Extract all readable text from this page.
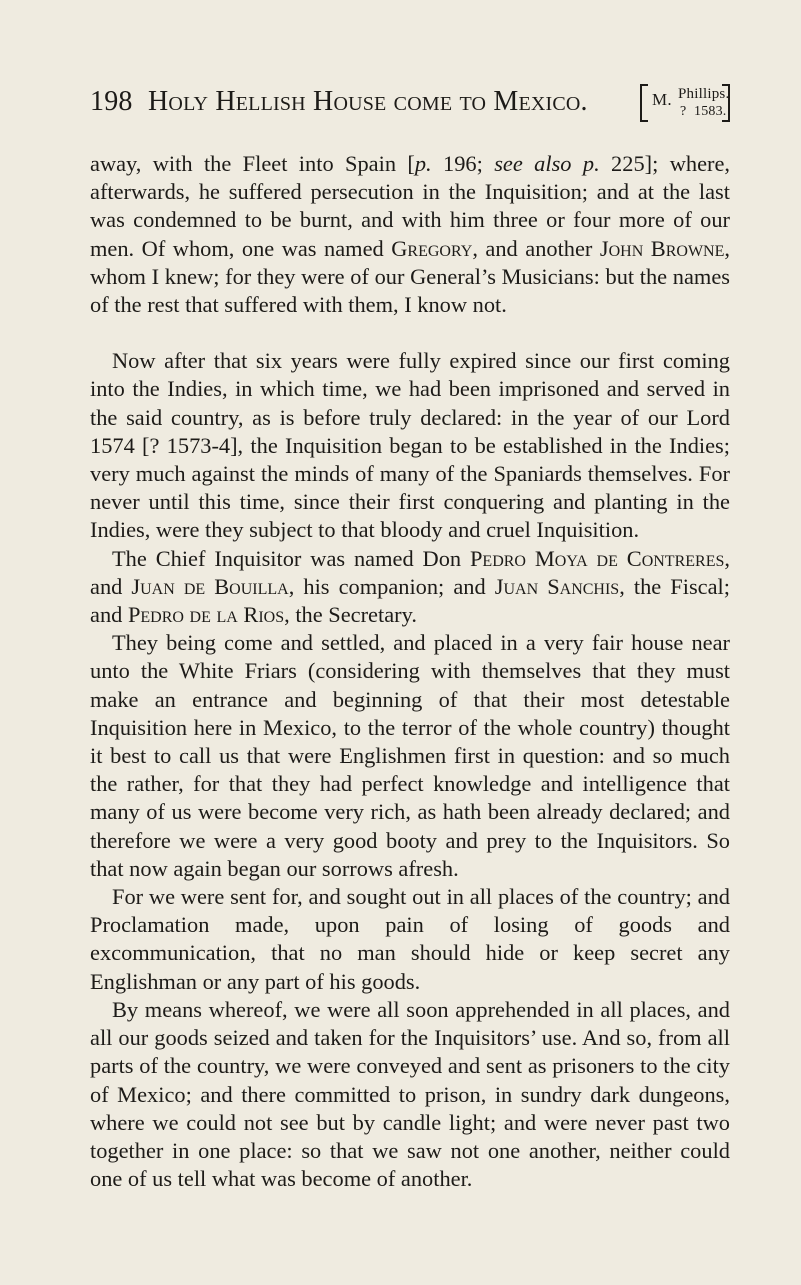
198 Holy Hellish House come to Mexico.	M. Phillips.
? 1583.

away, with the Fleet into Spain [p. 196; see also p. 225]; where, afterwards, he suffered persecution in the Inquisition; and at the last was condemned to be burnt, and with him three or four more of our men. Of whom, one was named Gregory, and another John Browne, whom I knew; for they were of our General’s Musicians: but the names of the rest that suffered with them, I know not.

Now after that six years were fully expired since our first coming into the Indies, in which time, we had been imprisoned and served in the said country, as is before truly declared: in the year of our Lord 1574 [? 1573-4], the Inquisition began to be established in the Indies; very much against the minds of many of the Spaniards themselves. For never until this time, since their first conquering and planting in the Indies, were they subject to that bloody and cruel Inquisition.

The Chief Inquisitor was named Don Pedro Moya de Contreres, and Juan de Bouilla, his companion; and Juan Sanchis, the Fiscal; and Pedro de la Rios, the Secretary.

They being come and settled, and placed in a very fair house near unto the White Friars (considering with themselves that they must make an entrance and beginning of that their most detestable Inquisition here in Mexico, to the terror of the whole country) thought it best to call us that were Englishmen first in question: and so much the rather, for that they had perfect knowledge and intelligence that many of us were become very rich, as hath been already declared; and therefore we were a very good booty and prey to the Inquisitors. So that now again began our sorrows afresh.

For we were sent for, and sought out in all places of the country; and Proclamation made, upon pain of losing of goods and excommunication, that no man should hide or keep secret any Englishman or any part of his goods.

By means whereof, we were all soon apprehended in all places, and all our goods seized and taken for the Inquisitors’ use. And so, from all parts of the country, we were conveyed and sent as prisoners to the city of Mexico; and there committed to prison, in sundry dark dungeons, where we could not see but by candle light; and were never past two together in one place: so that we saw not one another, neither could one of us tell what was become of another.
